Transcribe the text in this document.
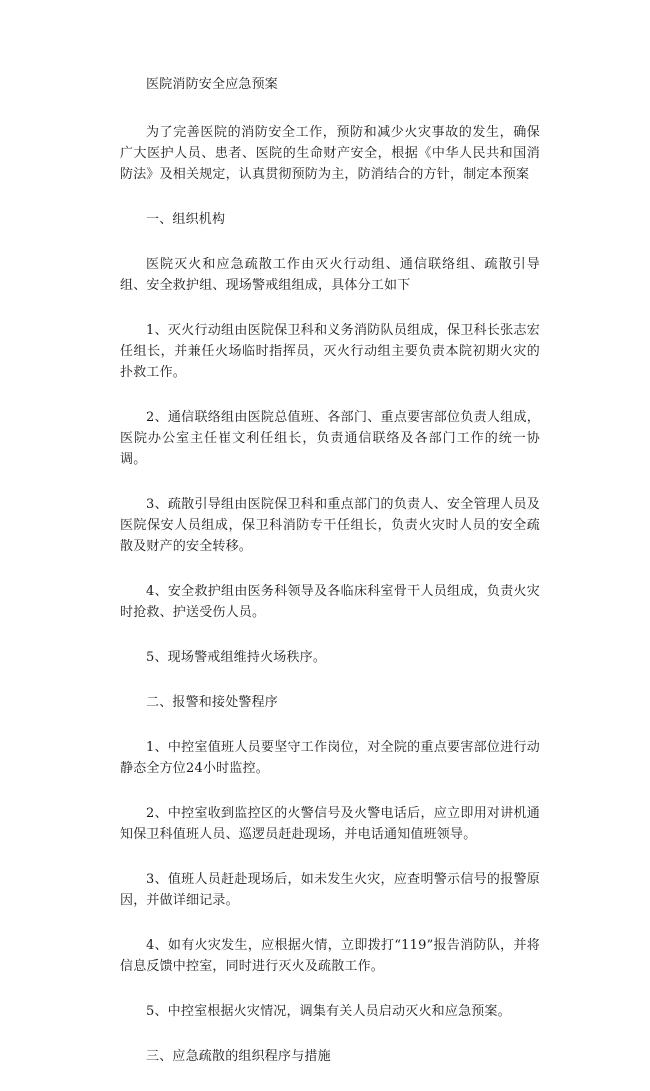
医院消防安全应急预案

为了完善医院的消防安全工作，预防和减少火灾事故的发生，确保广大医护人员、患者、医院的生命财产安全，根据《中华人民共和国消防法》及相关规定，认真贯彻预防为主，防消结合的方针，制定本预案

一、组织机构

医院灭火和应急疏散工作由灭火行动组、通信联络组、疏散引导组、安全救护组、现场警戒组组成，具体分工如下

1、灭火行动组由医院保卫科和义务消防队员组成，保卫科长张志宏任组长，并兼任火场临时指挥员，灭火行动组主要负责本院初期火灾的扑救工作。

2、通信联络组由医院总值班、各部门、重点要害部位负责人组成，医院办公室主任崔文利任组长，负责通信联络及各部门工作的统一协调。

3、疏散引导组由医院保卫科和重点部门的负责人、安全管理人员及医院保安人员组成，保卫科消防专干任组长，负责火灾时人员的安全疏散及财产的安全转移。

4、安全救护组由医务科领导及各临床科室骨干人员组成，负责火灾时抢救、护送受伤人员。

5、现场警戒组维持火场秩序。

二、报警和接处警程序

1、中控室值班人员要坚守工作岗位，对全院的重点要害部位进行动静态全方位24小时监控。

2、中控室收到监控区的火警信号及火警电话后，应立即用对讲机通知保卫科值班人员、巡逻员赶赴现场，并电话通知值班领导。

3、值班人员赶赴现场后，如未发生火灾，应查明警示信号的报警原因，并做详细记录。

4、如有火灾发生，应根据火情，立即拨打“119”报告消防队，并将信息反馈中控室，同时进行灭火及疏散工作。

5、中控室根据火灾情况，调集有关人员启动灭火和应急预案。

三、应急疏散的组织程序与措施
